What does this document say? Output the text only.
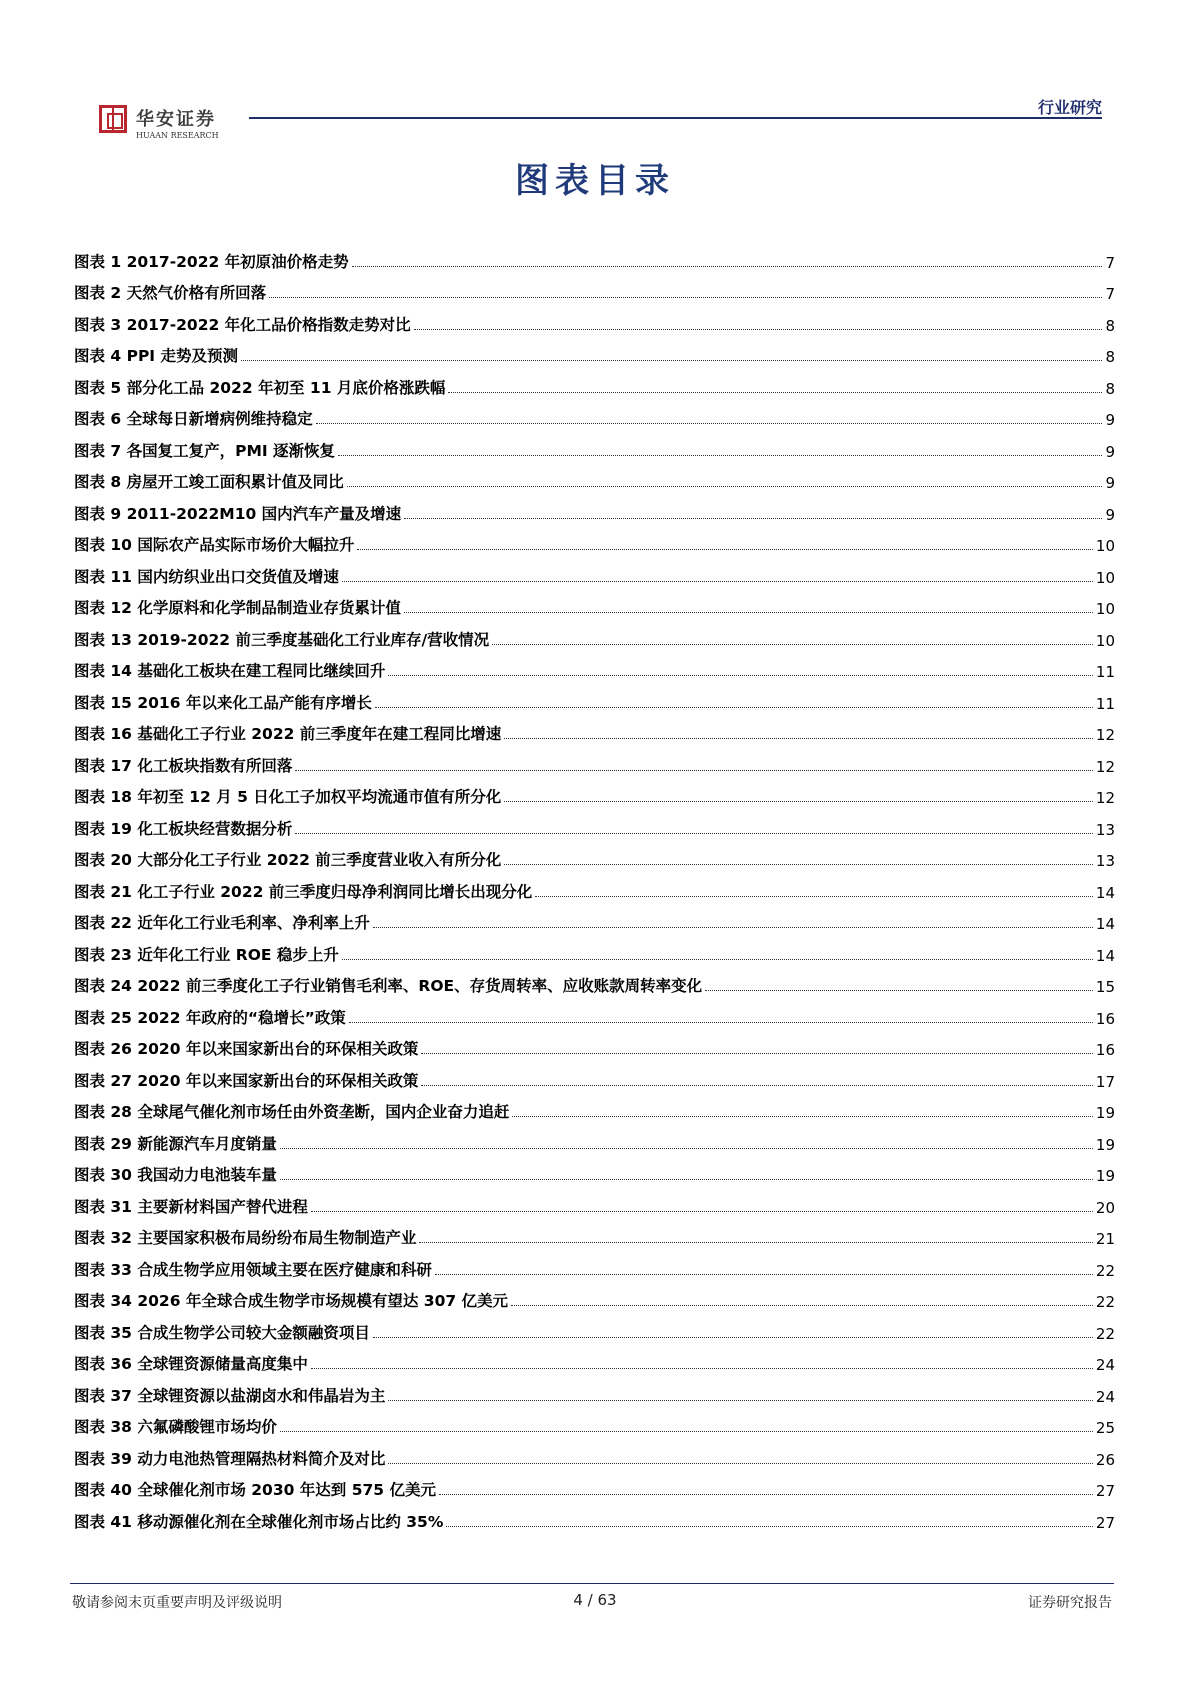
华安证券
HUAAN RESEARCH
行业研究
图表目录
图表 1 2017-2022 年初原油价格走势	7
图表 2 天然气价格有所回落	7
图表 3 2017-2022 年化工品价格指数走势对比	8
图表 4 PPI 走势及预测	8
图表 5 部分化工品 2022 年初至 11 月底价格涨跌幅	8
图表 6 全球每日新增病例维持稳定	9
图表 7 各国复工复产，PMI 逐渐恢复	9
图表 8 房屋开工竣工面积累计值及同比	9
图表 9 2011-2022M10 国内汽车产量及增速	9
图表 10 国际农产品实际市场价大幅拉升	10
图表 11 国内纺织业出口交货值及增速	10
图表 12 化学原料和化学制品制造业存货累计值	10
图表 13 2019-2022 前三季度基础化工行业库存/营收情况	10
图表 14 基础化工板块在建工程同比继续回升	11
图表 15 2016 年以来化工品产能有序增长	11
图表 16 基础化工子行业 2022 前三季度年在建工程同比增速	12
图表 17 化工板块指数有所回落	12
图表 18 年初至 12 月 5 日化工子加权平均流通市值有所分化	12
图表 19 化工板块经营数据分析	13
图表 20 大部分化工子行业 2022 前三季度营业收入有所分化	13
图表 21 化工子行业 2022 前三季度归母净利润同比增长出现分化	14
图表 22 近年化工行业毛利率、净利率上升	14
图表 23 近年化工行业 ROE 稳步上升	14
图表 24 2022 前三季度化工子行业销售毛利率、ROE、存货周转率、应收账款周转率变化	15
图表 25 2022 年政府的“稳增长”政策	16
图表 26 2020 年以来国家新出台的环保相关政策	16
图表 27 2020 年以来国家新出台的环保相关政策	17
图表 28 全球尾气催化剂市场任由外资垄断，国内企业奋力追赶	19
图表 29 新能源汽车月度销量	19
图表 30 我国动力电池装车量	19
图表 31 主要新材料国产替代进程	20
图表 32 主要国家积极布局纷纷布局生物制造产业	21
图表 33 合成生物学应用领域主要在医疗健康和科研	22
图表 34 2026 年全球合成生物学市场规模有望达 307 亿美元	22
图表 35 合成生物学公司较大金额融资项目	22
图表 36 全球锂资源储量高度集中	24
图表 37 全球锂资源以盐湖卤水和伟晶岩为主	24
图表 38 六氟磷酸锂市场均价	25
图表 39 动力电池热管理隔热材料简介及对比	26
图表 40 全球催化剂市场 2030 年达到 575 亿美元	27
图表 41 移动源催化剂在全球催化剂市场占比约 35%	27
敬请参阅末页重要声明及评级说明	4 / 63	证券研究报告
